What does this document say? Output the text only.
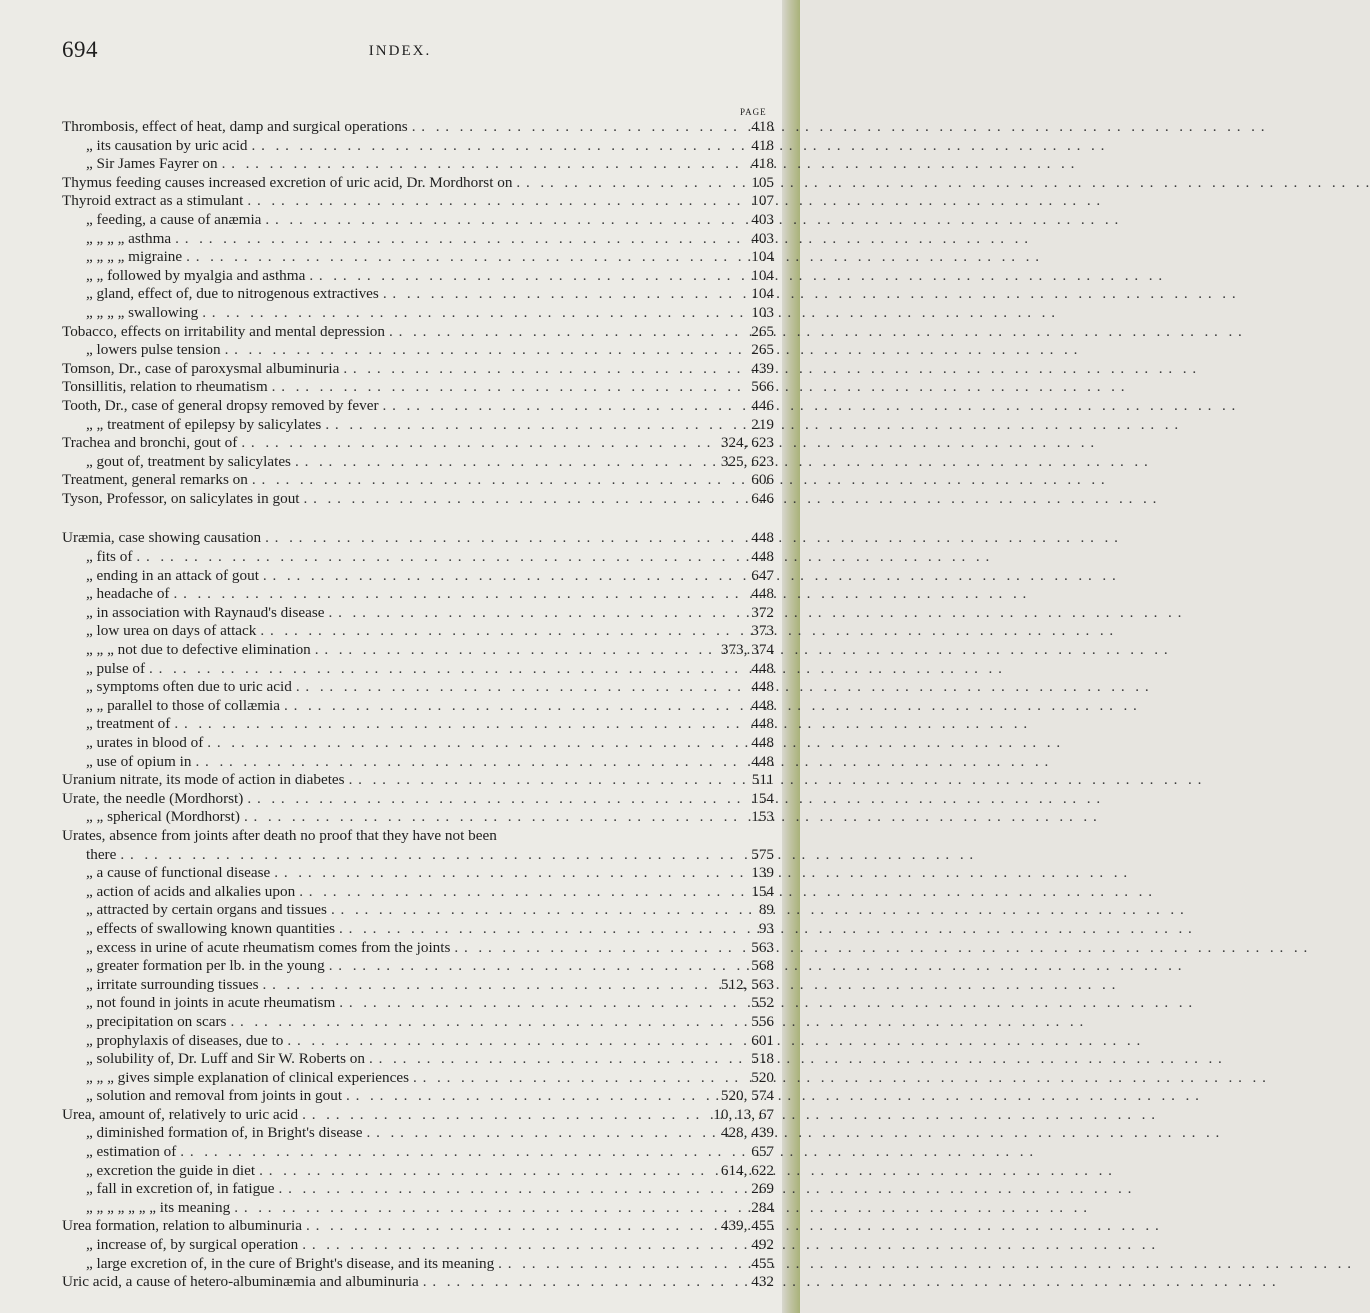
694	INDEX.
PAGE
Thrombosis, effect of heat, damp and surgical operations . .	418
„ its causation by uric acid . .	418
„ Sir James Fayrer on . .	418
Thymus feeding causes increased excretion of uric acid, Dr. Mordhorst on . .	105
Thyroid extract as a stimulant . .	107
„ feeding, a cause of anæmia . .	403
„ „ „ „ asthma . .	403
„ „ „ „ migraine . .	104
„ „ followed by myalgia and asthma . .	104
„ gland, effect of, due to nitrogenous extractives . .	104
„ „ „ „ swallowing . .	103
Tobacco, effects on irritability and mental depression . .	265
„ lowers pulse tension . .	265
Tomson, Dr., case of paroxysmal albuminuria . .	439
Tonsillitis, relation to rheumatism . .	566
Tooth, Dr., case of general dropsy removed by fever . .	446
„ „ treatment of epilepsy by salicylates . .	219
Trachea and bronchi, gout of . .	324, 623
„ gout of, treatment by salicylates . .	325, 623
Treatment, general remarks on . .	606
Tyson, Professor, on salicylates in gout . .	646
Uræmia, case showing causation . .	448
„ fits of . .	448
„ ending in an attack of gout . .	647
„ headache of . .	448
„ in association with Raynaud's disease . .	372
„ low urea on days of attack . .	373
„ „ „ not due to defective elimination . .	373, 374
„ pulse of . .	448
„ symptoms often due to uric acid . .	448
„ „ parallel to those of collæmia . .	448
„ treatment of . .	448
„ urates in blood of . .	448
„ use of opium in . .	448
Uranium nitrate, its mode of action in diabetes . .	511
Urate, the needle (Mordhorst) . .	154
„ „ spherical (Mordhorst) . .	153
Urates, absence from joints after death no proof that they have not been
there . .	575
„ a cause of functional disease . .	139
„ action of acids and alkalies upon . .	154
„ attracted by certain organs and tissues . .	89
„ effects of swallowing known quantities . .	93
„ excess in urine of acute rheumatism comes from the joints . .	563
„ greater formation per lb. in the young . .	568
„ irritate surrounding tissues . .	512, 563
„ not found in joints in acute rheumatism . .	552
„ precipitation on scars . .	556
„ prophylaxis of diseases, due to . .	601
„ solubility of, Dr. Luff and Sir W. Roberts on . .	518
„ „ „ gives simple explanation of clinical experiences . .	520
„ solution and removal from joints in gout . .	520, 574
Urea, amount of, relatively to uric acid . .	10, 13, 67
„ diminished formation of, in Bright's disease . .	428, 439
„ estimation of . .	657
„ excretion the guide in diet . .	614, 622
„ fall in excretion of, in fatigue . .	269
„ „ „ „ „ „ „ its meaning . .	284
Urea formation, relation to albuminuria . .	439, 455
„ increase of, by surgical operation . .	492
„ large excretion of, in the cure of Bright's disease, and its meaning . .	455
Uric acid, a cause of hetero-albuminæmia and albuminuria . .	432
